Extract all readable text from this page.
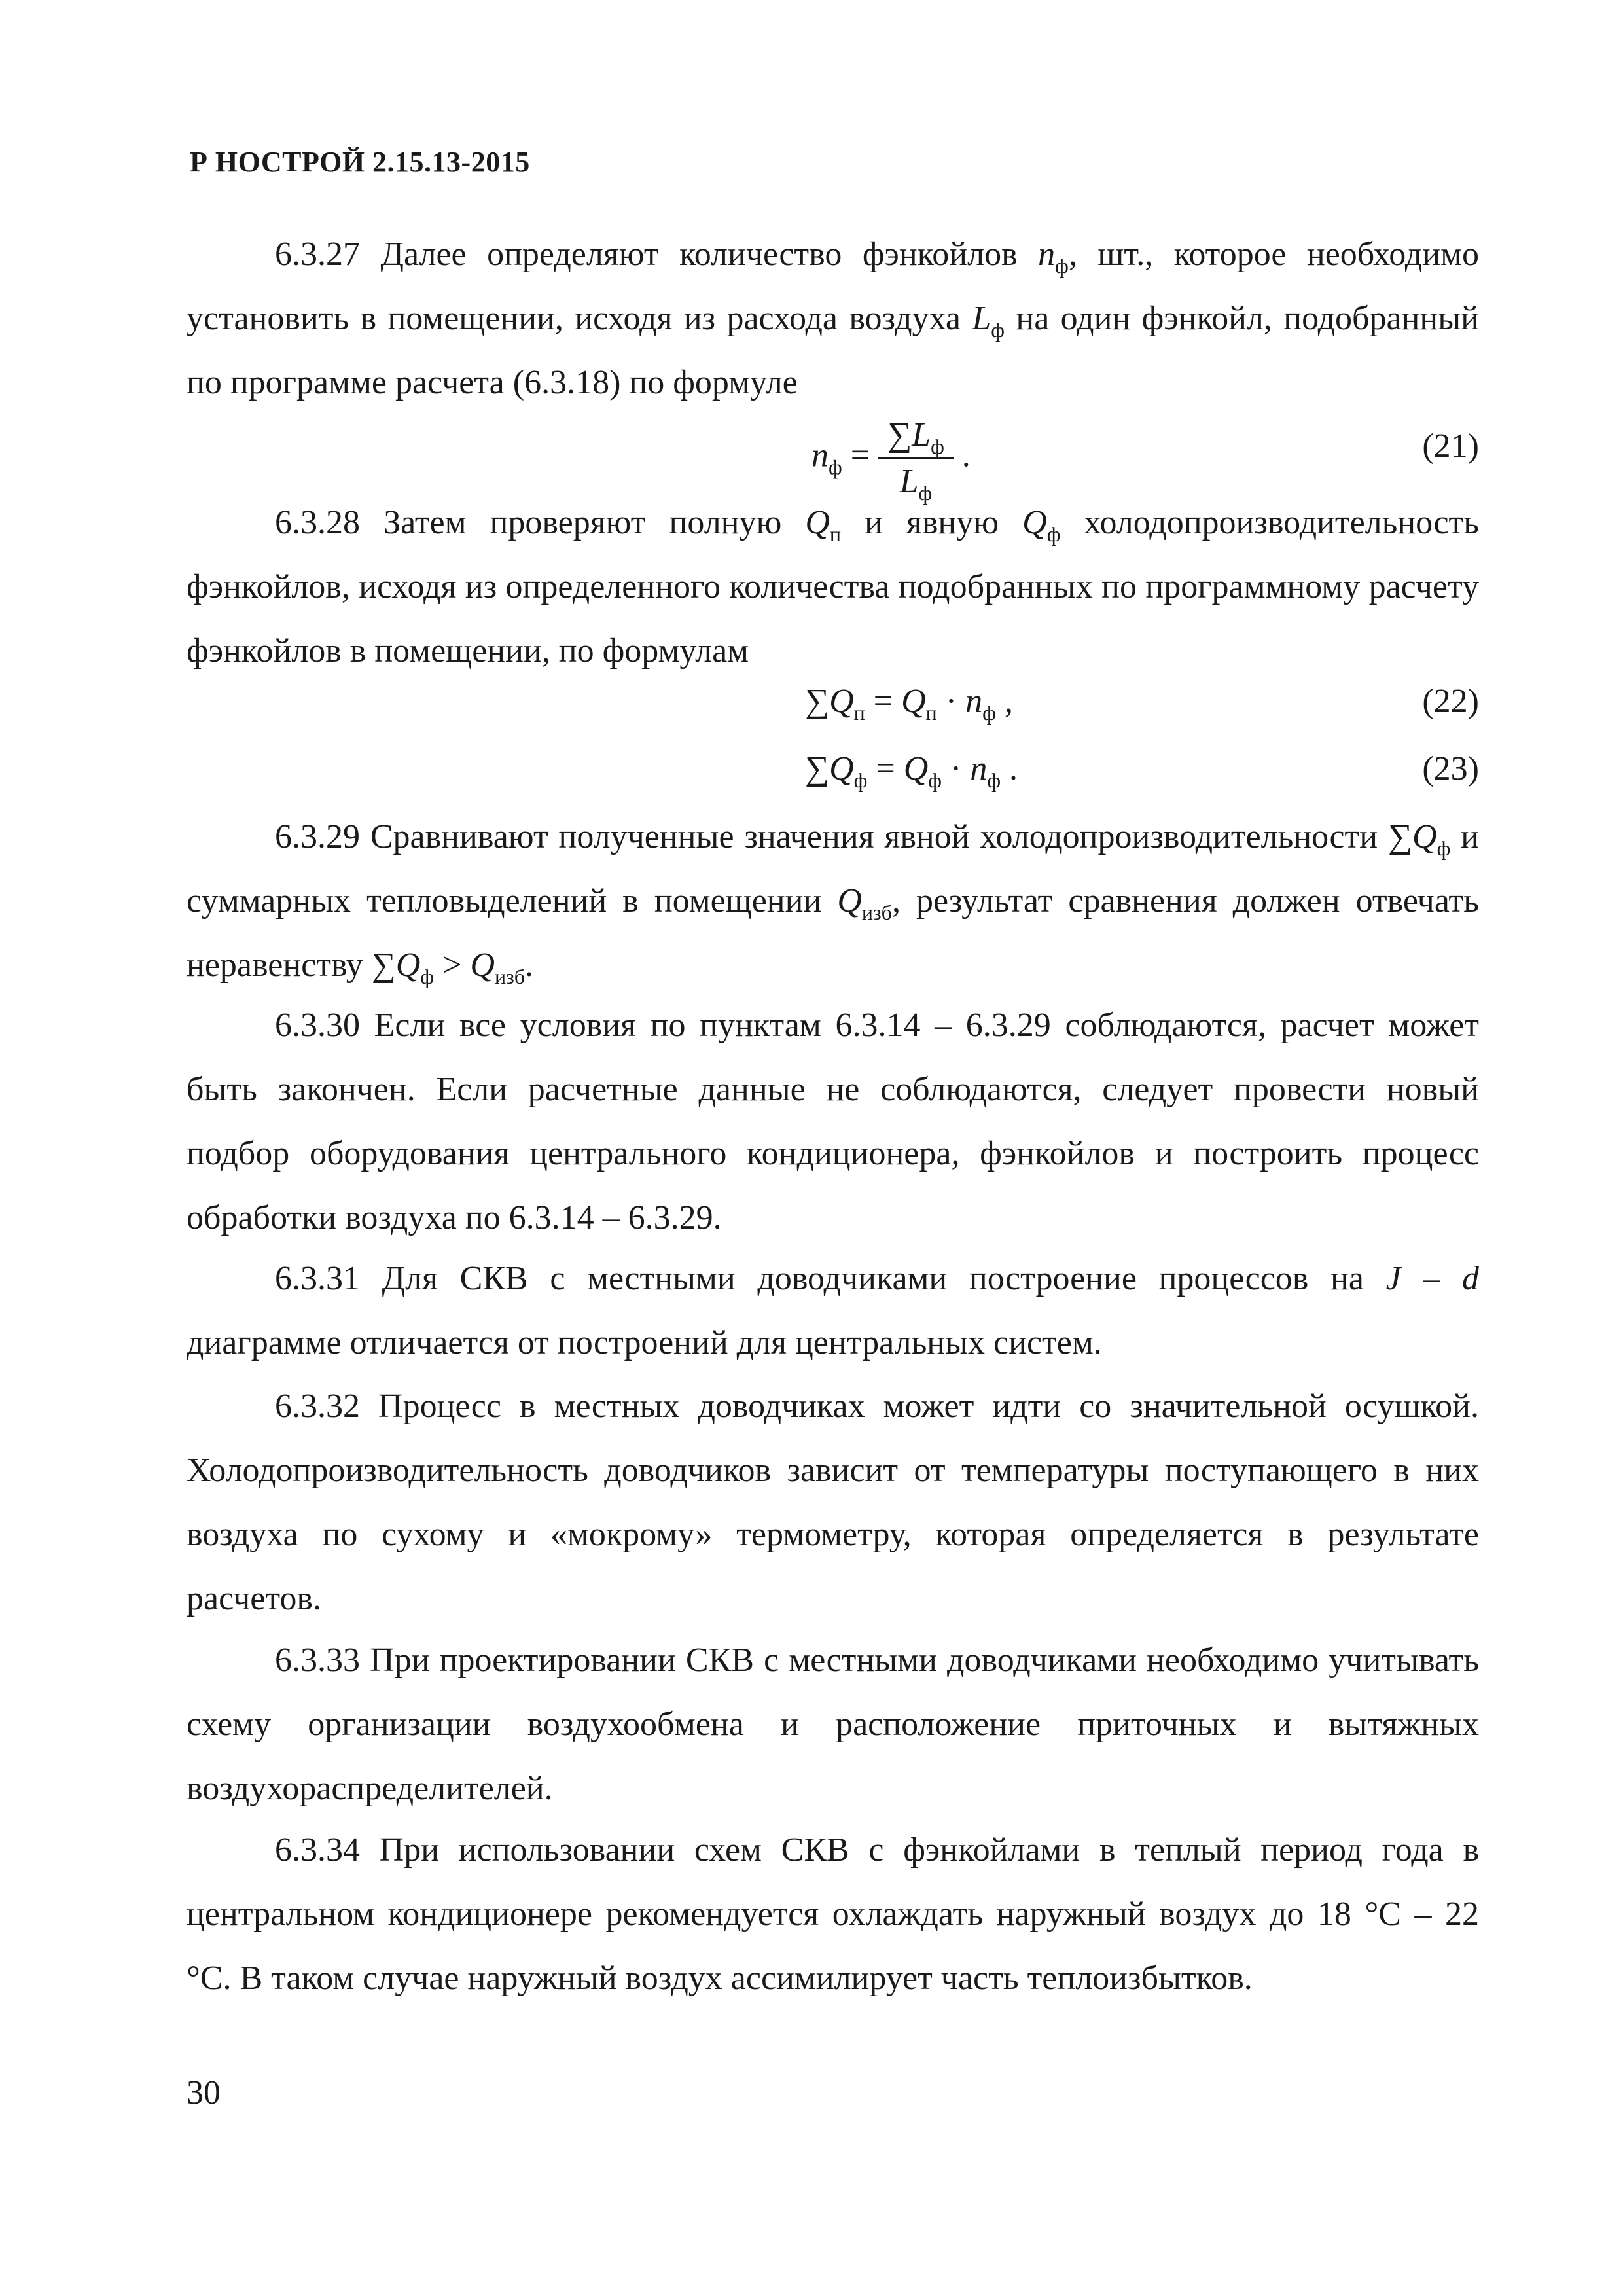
Р НОСТРОЙ 2.15.13-2015
6.3.27 Далее определяют количество фэнкойлов $n_ф$, шт., которое необходимо установить в помещении, исходя из расхода воздуха $L_ф$ на один фэнкойл, подобранный по программе расчета (6.3.18) по формуле
$n_ф = \frac{\sum L_ф}{L_ф}$ .	(21)
6.3.28 Затем проверяют полную $Q_п$ и явную $Q_ф$ холодопроизводительность фэнкойлов, исходя из определенного количества подобранных по программному расчету фэнкойлов в помещении, по формулам
$\sum Q_п = Q_п \cdot n_ф$ ,	(22)
$\sum Q_ф = Q_ф \cdot n_ф$ .	(23)
6.3.29 Сравнивают полученные значения явной холодопроизводительности $\sum Q_ф$ и суммарных тепловыделений в помещении $Q_{изб}$, результат сравнения должен отвечать неравенству $\sum Q_ф > Q_{изб}$.
6.3.30 Если все условия по пунктам 6.3.14 – 6.3.29 соблюдаются, расчет может быть закончен. Если расчетные данные не соблюдаются, следует провести новый подбор оборудования центрального кондиционера, фэнкойлов и построить процесс обработки воздуха по 6.3.14 – 6.3.29.
6.3.31 Для СКВ с местными доводчиками построение процессов на J – d диаграмме отличается от построений для центральных систем.
6.3.32 Процесс в местных доводчиках может идти со значительной осушкой. Холодопроизводительность доводчиков зависит от температуры поступающего в них воздуха по сухому и «мокрому» термометру, которая определяется в результате расчетов.
6.3.33 При проектировании СКВ с местными доводчиками необходимо учитывать схему организации воздухообмена и расположение приточных и вытяжных воздухораспределителей.
6.3.34 При использовании схем СКВ с фэнкойлами в теплый период года в центральном кондиционере рекомендуется охлаждать наружный воздух до 18 °С – 22 °С. В таком случае наружный воздух ассимилирует часть теплоизбытков.
30
